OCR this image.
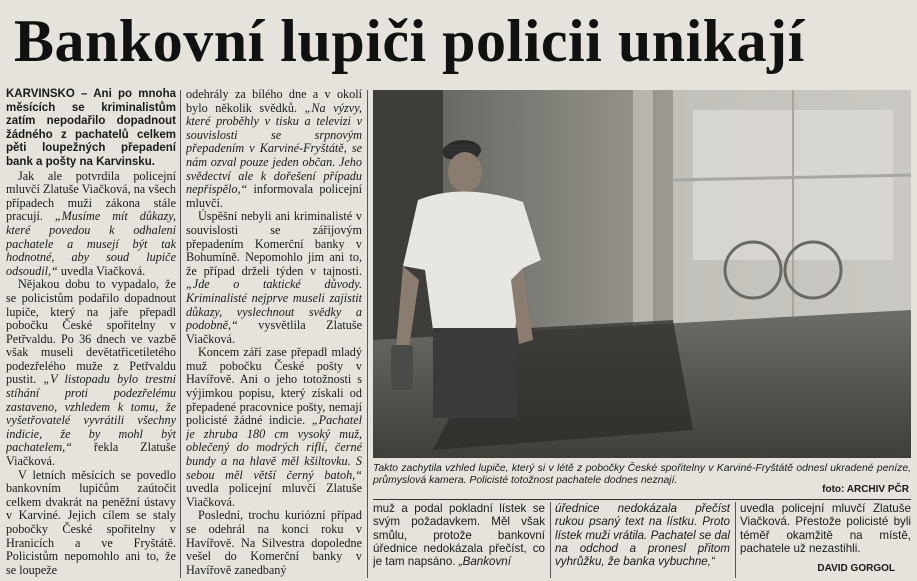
Bankovní lupiči policii unikají

KARVINSKO – Ani po mnoha měsících se kriminalistům zatím nepodařilo dopadnout žádného z pachatelů celkem pěti loupežných přepadení bank a pošty na Karvinsku.

Jak ale potvrdila policejní mluvčí Zlatuše Viačková, na všech případech muži zákona stále pracují. „Musíme mít důkazy, které povedou k odhalení pachatele a musejí být tak hodnotné, aby soud lupiče odsoudil,“ uvedla Viačková.

Nějakou dobu to vypadalo, že se policistům podařilo dopadnout lupiče, který na jaře přepadl pobočku České spořitelny v Petřvaldu. Po 36 dnech ve vazbě však museli devětatřicetiletého podezřelého muže z Petřvaldu pustit. „V listopadu bylo trestní stíhání proti podezřelému zastaveno, vzhledem k tomu, že vyšetřovatelé vyvrátili všechny indicie, že by mohl být pachatelem,“ řekla Zlatuše Viačková.

V letních měsících se povedlo bankovním lupičům zaútočit celkem dvakrát na peněžní ústavy v Karviné. Jejich cílem se staly pobočky České spořitelny v Hranicích a ve Fryštátě. Policistům nepomohlo ani to, že se loupeže

odehrály za bílého dne a v okolí bylo několik svědků. „Na výzvy, které proběhly v tisku a televizi v souvislosti se srpnovým přepadením v Karviné-Fryštátě, se nám ozval pouze jeden občan. Jeho svědectví ale k dořešení případu nepřispělo,“ informovala policejní mluvčí.

Úspěšní nebyli ani kriminalisté v souvislosti se zářijovým přepadením Komerční banky v Bohumíně. Nepomohlo jim ani to, že případ drželi týden v tajnosti. „Jde o taktické důvody. Kriminalisté nejprve museli zajistit důkazy, vyslechnout svědky a podobně,“ vysvětlila Zlatuše Viačková.

Koncem září zase přepadl mladý muž pobočku České pošty v Havířově. Ani o jeho totožnosti s výjimkou popisu, který získali od přepadené pracovnice pošty, nemají policisté žádné indicie. „Pachatel je zhruba 180 cm vysoký muž, oblečený do modrých riflí, černé bundy a na hlavě měl kšiltovku. S sebou měl větší černý batoh,“ uvedla policejní mluvčí Zlatuše Viačková.

Poslední, trochu kuriózní případ se odehrál na konci roku v Havířově. Na Silvestra dopoledne vešel do Komerční banky v Havířově zanedbaný

Takto zachytila vzhled lupiče, který si v létě z pobočky České spořitelny v Karviné-Fryštátě odnesl ukradené peníze, průmyslová kamera. Policisté totožnost pachatele dodnes neznají.
foto: ARCHIV PČR

muž a podal pokladní lístek se svým požadavkem. Měl však smůlu, protože bankovní úřednice nedokázala přečíst, co je tam napsáno. „Bankovní

úřednice nedokázala přečíst rukou psaný text na lístku. Proto lístek muži vrátila. Pachatel se dal na odchod a pronesl přitom vyhrůžku, že banka vybuchne,“

uvedla policejní mluvčí Zlatuše Viačková. Přestože policisté byli téměř okamžitě na místě, pachatele už nezastihli.

DAVID GORGOL
